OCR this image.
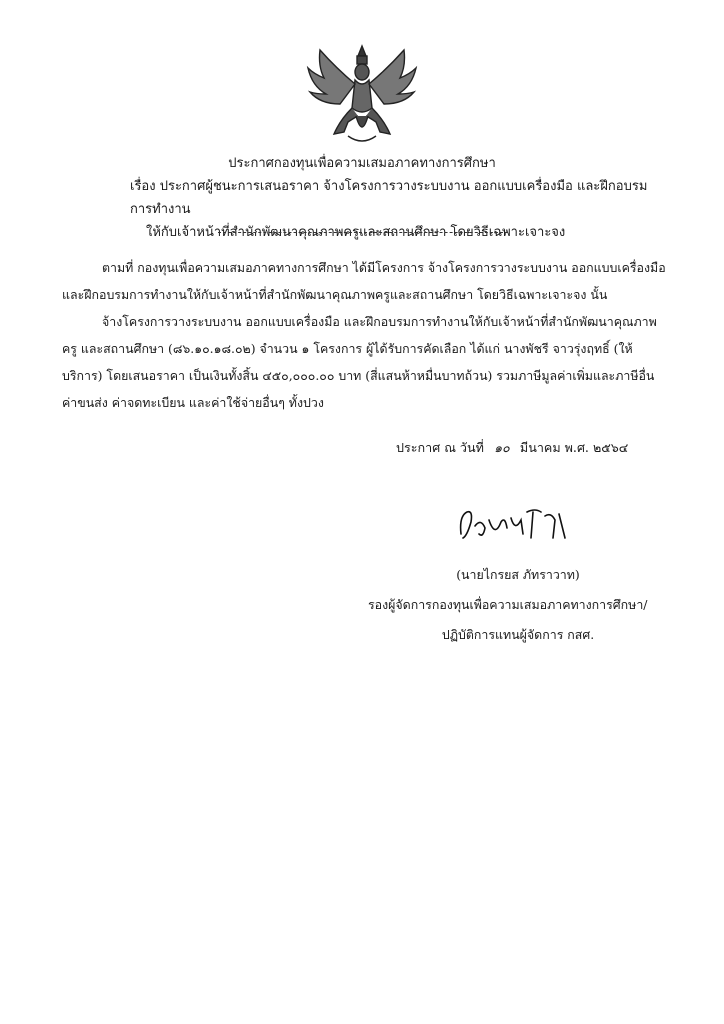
ประกาศกองทุนเพื่อความเสมอภาคทางการศึกษา
เรื่อง ประกาศผู้ชนะการเสนอราคา จ้างโครงการวางระบบงาน ออกแบบเครื่องมือ และฝึกอบรมการทำงาน
ให้กับเจ้าหน้าที่สำนักพัฒนาคุณภาพครูและสถานศึกษา โดยวิธีเฉพาะเจาะจง

ตามที่ กองทุนเพื่อความเสมอภาคทางการศึกษา ได้มีโครงการ จ้างโครงการวางระบบงาน ออกแบบเครื่องมือ และฝึกอบรมการทำงานให้กับเจ้าหน้าที่สำนักพัฒนาคุณภาพครูและสถานศึกษา โดยวิธีเฉพาะเจาะจง นั้น

จ้างโครงการวางระบบงาน ออกแบบเครื่องมือ และฝึกอบรมการทำงานให้กับเจ้าหน้าที่สำนักพัฒนาคุณภาพครู และสถานศึกษา (๘๖.๑๐.๑๘.๐๒) จำนวน ๑ โครงการ ผู้ได้รับการคัดเลือก ได้แก่ นางพัชรี จาวรุ่งฤทธิ์ (ให้บริการ) โดยเสนอราคา เป็นเงินทั้งสิ้น ๔๕๐,๐๐๐.๐๐ บาท (สี่แสนห้าหมื่นบาทถ้วน) รวมภาษีมูลค่าเพิ่มและภาษีอื่น ค่าขนส่ง ค่าจดทะเบียน และค่าใช้จ่ายอื่นๆ ทั้งปวง

ประกาศ ณ วันที่ ๑๐ มีนาคม พ.ศ. ๒๕๖๔
(นายไกรยส ภัทราวาท)
รองผู้จัดการกองทุนเพื่อความเสมอภาคทางการศึกษา/
ปฏิบัติการแทนผู้จัดการ กสศ.
